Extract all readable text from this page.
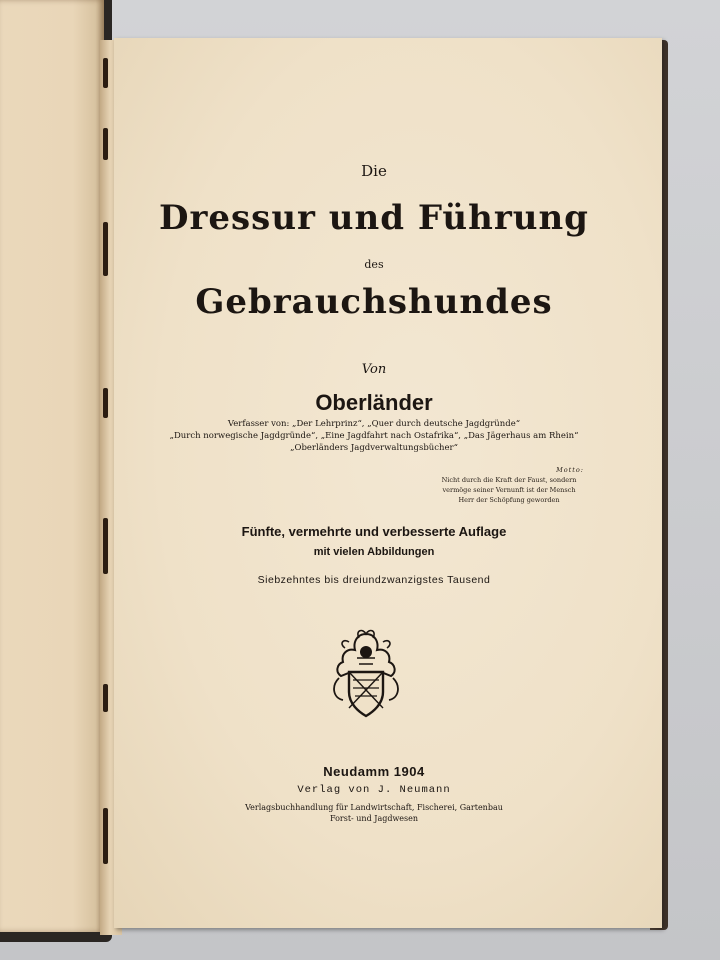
Die
Dressur und Führung
des
Gebrauchshundes
Von
Oberländer
Verfasser von: „Der Lehrprinz“, „Quer durch deutsche Jagdgründe“
„Durch norwegische Jagdgründe“, „Eine Jagdfahrt nach Ostafrika“, „Das Jägerhaus am Rhein“
„Oberländers Jagdverwaltungsbücher“
Motto:
Nicht durch die Kraft der Faust, sondern
vermöge seiner Vernunft ist der Mensch
Herr der Schöpfung geworden
Fünfte, vermehrte und verbesserte Auflage
mit vielen Abbildungen
Siebzehntes bis dreiundzwanzigstes Tausend
Neudamm 1904
Verlag von J. Neumann
Verlagsbuchhandlung für Landwirtschaft, Fischerei, Gartenbau
Forst- und Jagdwesen
